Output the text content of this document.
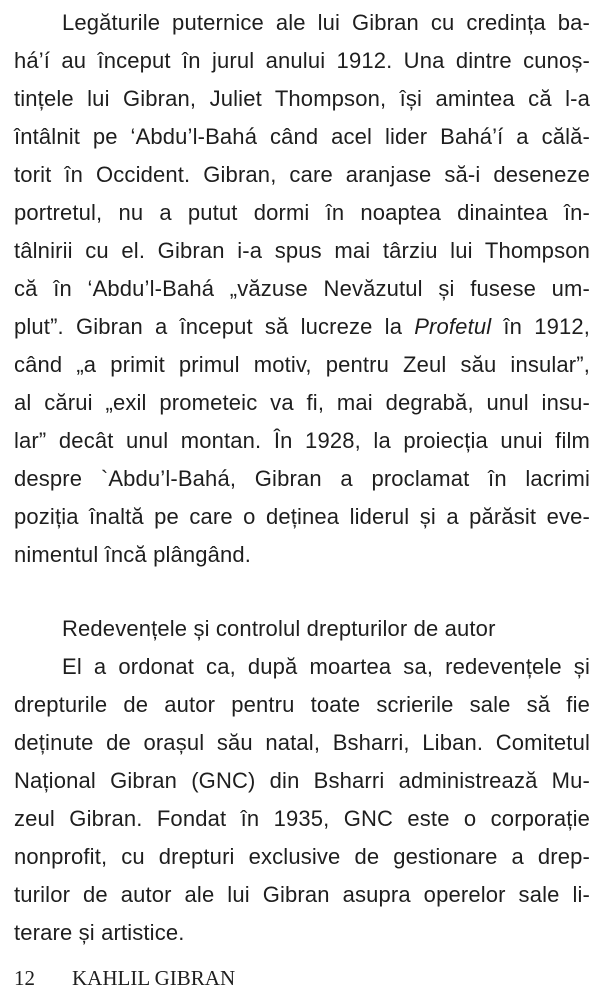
Legăturile puternice ale lui Gibran cu credința ba-
há’í au început în jurul anului 1912. Una dintre cunoș-
tințele lui Gibran, Juliet Thompson, își amintea că l-a
întâlnit pe ‘Abdu’l-Bahá când acel lider Bahá’í a călă-
torit în Occident. Gibran, care aranjase să-i deseneze
portretul, nu a putut dormi în noaptea dinaintea în-
tâlnirii cu el. Gibran i-a spus mai târziu lui Thompson
că în ‘Abdu’l-Bahá „văzuse Nevăzutul și fusese um-
plut”. Gibran a început să lucreze la Profetul în 1912,
când „a primit primul motiv, pentru Zeul său insular”,
al cărui „exil prometeic va fi, mai degrabă, unul insu-
lar” decât unul montan. În 1928, la proiecția unui film
despre `Abdu’l-Bahá, Gibran a proclamat în lacrimi
poziția înaltă pe care o deținea liderul și a părăsit eve-
nimentul încă plângând.
Redevențele și controlul drepturilor de autor
El a ordonat ca, după moartea sa, redevențele și
drepturile de autor pentru toate scrierile sale să fie
deținute de orașul său natal, Bsharri, Liban. Comitetul
Național Gibran (GNC) din Bsharri administrează Mu-
zeul Gibran. Fondat în 1935, GNC este o corporație
nonprofit, cu drepturi exclusive de gestionare a drep-
turilor de autor ale lui Gibran asupra operelor sale li-
terare și artistice.
12 KAHLIL GIBRAN
